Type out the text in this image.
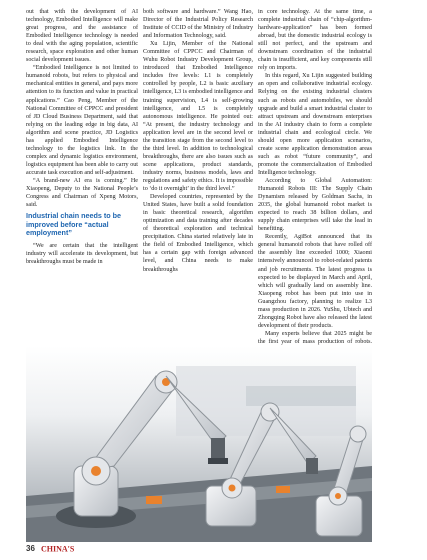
out that with the development of AI technology, Embodied Intelligence will make great progress, and the assistance of Embodied Intelligence technology is needed to deal with the aging population, scientific research, space exploration and other human social development issues.

“Embodied Intelligence is not limited to humanoid robots, but refers to physical and mechanical entities in general, and pays more attention to its function and value in practical applications.” Cao Peng, Member of the National Committee of CPPCC and president of JD Cloud Business Department, said that relying on the leading edge in big data, AI algorithm and scene practice, JD Logistics has applied Embodied Intelligence technology to the logistics link. In the complex and dynamic logistics environment, logistics equipment has been able to carry out accurate task execution and self-adjustment.

“A brand-new AI era is coming.” He Xiaopeng, Deputy to the National People’s Congress and Chairman of Xpeng Motors, said.

Industrial chain needs to be improved before “actual employment”

“We are certain that the intelligent industry will accelerate its development, but breakthroughs must be made in

both software and hardware.” Wang Hao, Director of the Industrial Policy Research Institute of CCID of the Ministry of Industry and Information Technology, said.

Xu Lijin, Member of the National Committee of CPPCC and Chairman of Wuhu Robot Industry Development Group, introduced that Embodied Intelligence includes five levels: L1 is completely controlled by people, L2 is basic auxiliary intelligence, L3 is embodied intelligence and training supervision, L4 is self-growing intelligence, and L5 is completely autonomous intelligence. He pointed out: “At present, the industry technology and application level are in the second level or the transition stage from the second level to the third level. In addition to technological breakthroughs, there are also issues such as scene applications, product standards, industry norms, business models, laws and regulations and safety ethics. It is impossible to ‘do it overnight’ in the third level.”

Developed countries, represented by the United States, have built a solid foundation in basic theoretical research, algorithm optimization and data training after decades of theoretical exploration and technical precipitation. China started relatively late in the field of Embodied Intelligence, which has a certain gap with foreign advanced level, and China needs to make breakthroughs

in core technology. At the same time, a complete industrial chain of “chip-algorithm-hardware-application” has been formed abroad, but the domestic industrial ecology is still not perfect, and the upstream and downstream coordination of the industrial chain is insufficient, and key components still rely on imports.

In this regard, Xu Lijin suggested building an open and collaborative industrial ecology. Relying on the existing industrial clusters such as robots and automobiles, we should upgrade and build a smart industrial cluster to attract upstream and downstream enterprises in the AI industry chain to form a complete industrial chain and ecological circle. We should open more application scenarios, create scene application demonstration areas such as robot “future community”, and promote the commercialization of Embodied Intelligence technology.

According to Global Automation: Humanoid Robots III: The Supply Chain Dynamism released by Goldman Sachs, in 2035, the global humanoid robot market is expected to reach 38 billion dollars, and supply chain enterprises will take the lead in benefiting.

Recently, AgiBot announced that its general humanoid robots that have rolled off the assembly line exceeded 1000; Xiaomi intensively announced to robot-related patents and job recruitments. The latest progress is expected to be displayed in March and April, which will gradually land on assembly line. Xiaopeng robot has been put into use in Guangzhou factory, planning to realize L3 mass production in 2026. YuShu, Ubtech and Zhongqing Robot have also released the latest development of their products.

Many experts believe that 2025 might be the first year of mass production of robots.

36 CHINA'S
